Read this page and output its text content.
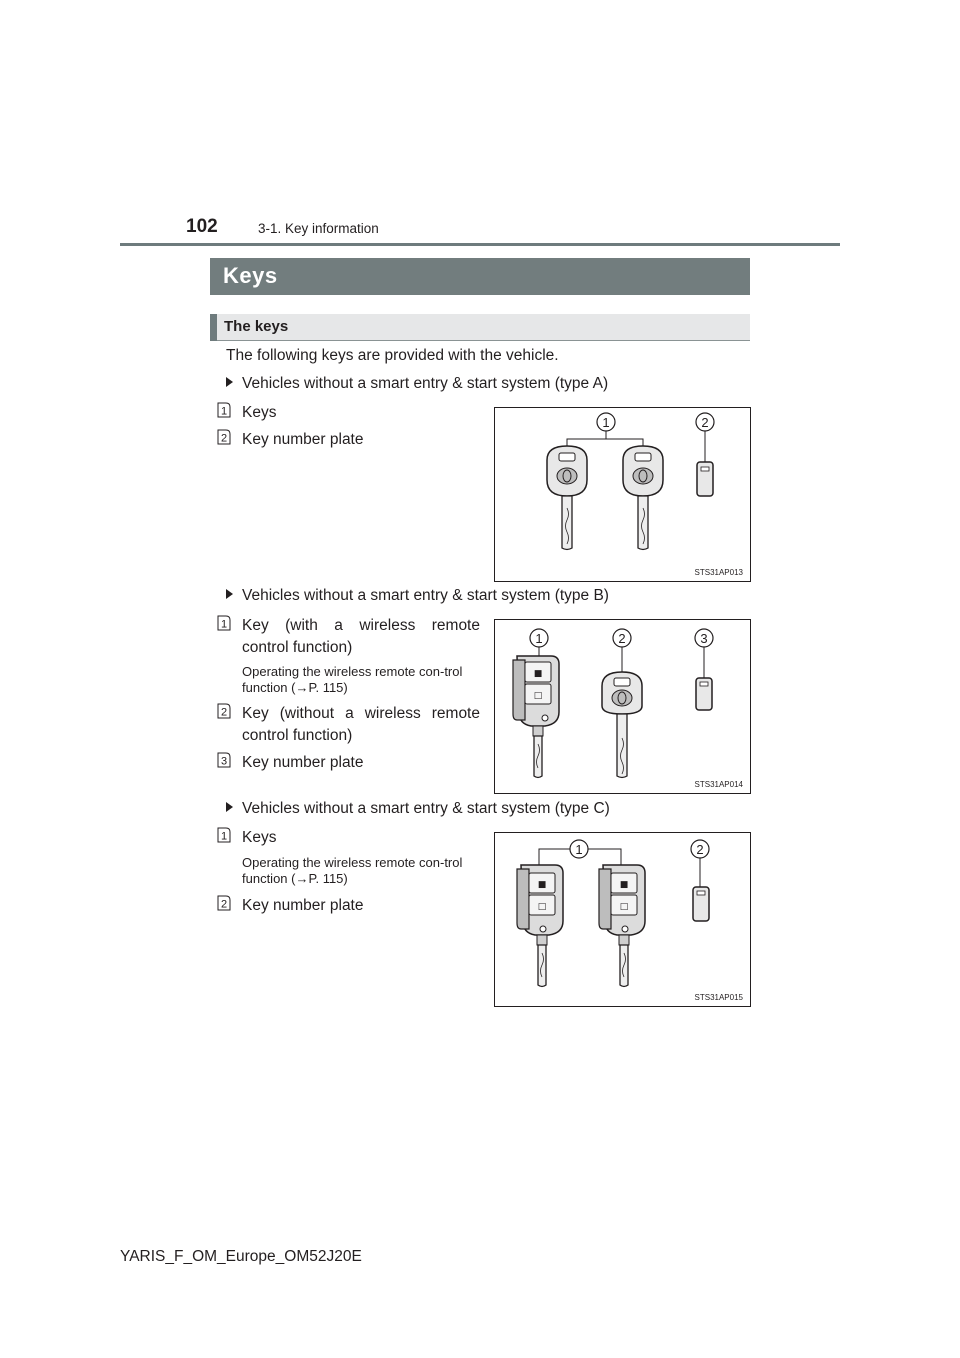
102	3-1. Key information
Keys
The keys
The following keys are provided with the vehicle.
Vehicles without a smart entry & start system (type A)
1 Keys
2 Key number plate
1	2
STS31AP013
Vehicles without a smart entry & start system (type B)
1 Key (with a wireless remote control function)
Operating the wireless remote con-trol function (→P. 115)
2 Key (without a wireless remote control function)
3 Key number plate
1	2	3
■
□
STS31AP014
Vehicles without a smart entry & start system (type C)
1 Keys
Operating the wireless remote con-trol function (→P. 115)
2 Key number plate
1	2
■
□
■
□
STS31AP015
YARIS_F_OM_Europe_OM52J20E
